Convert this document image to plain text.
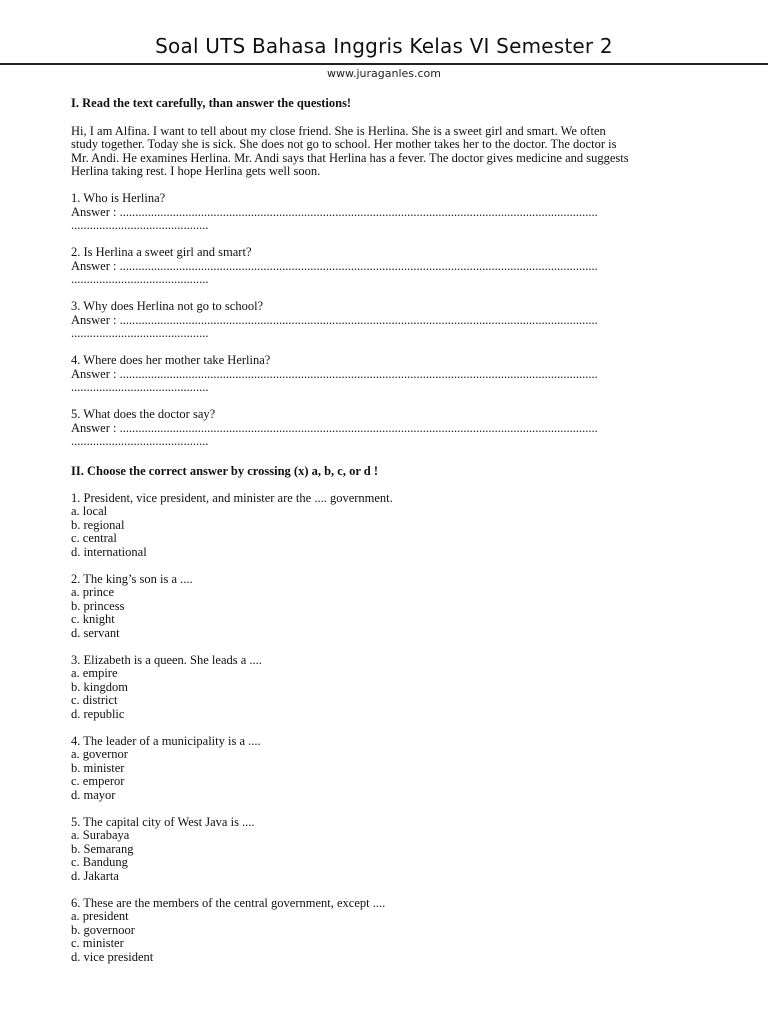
Soal UTS Bahasa Inggris Kelas VI Semester 2
www.juraganles.com

I. Read the text carefully, than answer the questions!

Hi, I am Alfina. I want to tell about my close friend. She is Herlina. She is a sweet girl and smart. We often
study together. Today she is sick. She does not go to school. Her mother takes her to the doctor. The doctor is
Mr. Andi. He examines Herlina. Mr. Andi says that Herlina has a fever. The doctor gives medicine and suggests
Herlina taking rest. I hope Herlina gets well soon.
1. Who is Herlina?
Answer : .........................................................................................................................................................
............................................
2. Is Herlina a sweet girl and smart?
Answer : .........................................................................................................................................................
............................................
3. Why does Herlina not go to school?
Answer : .........................................................................................................................................................
............................................
4. Where does her mother take Herlina?
Answer : .........................................................................................................................................................
............................................
5. What does the doctor say?
Answer : .........................................................................................................................................................
............................................

II. Choose the correct answer by crossing (x) a, b, c, or d !

1. President, vice president, and minister are the .... government.
a. local
b. regional
c. central
d. international
2. The king’s son is a ....
a. prince
b. princess
c. knight
d. servant
3. Elizabeth is a queen. She leads a ....
a. empire
b. kingdom
c. district
d. republic
4. The leader of a municipality is a ....
a. governor
b. minister
c. emperor
d. mayor
5. The capital city of West Java is ....
a. Surabaya
b. Semarang
c. Bandung
d. Jakarta
6. These are the members of the central government, except ....
a. president
b. governoor
c. minister
d. vice president
